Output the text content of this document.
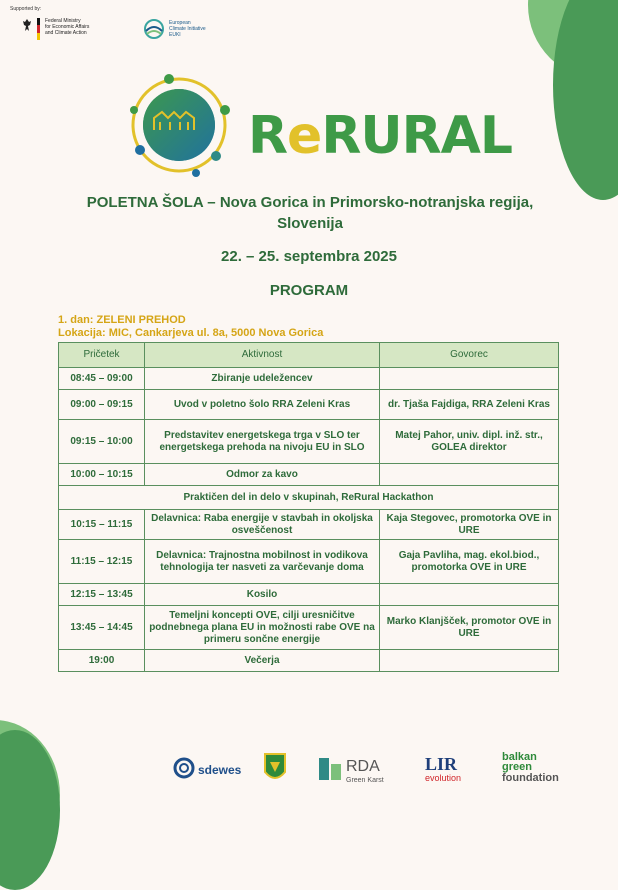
Supported by:
Federal Ministry
for Economic Affairs
and Climate Action
European
Climate Initiative
EUKI
ReRURAL
POLETNA ŠOLA – Nova Gorica in Primorsko-notranjska regija, Slovenija
22. – 25. septembra 2025
PROGRAM
1. dan: ZELENI PREHOD
Lokacija: MIC, Cankarjeva ul. 8a, 5000 Nova Gorica
Pričetek	Aktivnost	Govorec
08:45 – 09:00	Zbiranje udeležencev	
09:00 – 09:15	Uvod v poletno šolo RRA Zeleni Kras	dr. Tjaša Fajdiga, RRA Zeleni Kras
09:15 – 10:00	Predstavitev energetskega trga v SLO ter energetskega prehoda na nivoju EU in SLO	Matej Pahor, univ. dipl. inž. str., GOLEA direktor
10:00 – 10:15	Odmor za kavo	
Praktičen del in delo v skupinah, ReRural Hackathon		
10:15 – 11:15	Delavnica: Raba energije v stavbah in okoljska osveščenost	Kaja Stegovec, promotorka OVE in URE
11:15 – 12:15	Delavnica: Trajnostna mobilnost in vodikova tehnologija ter nasveti za varčevanje doma	Gaja Pavliha, mag. ekol.biod., promotorka OVE in URE
12:15 – 13:45	Kosilo	
13:45 – 14:45	Temeljni koncepti OVE, cilji uresničitve podnebnega plana EU in možnosti rabe OVE na primeru sončne energije	Marko Klanjšček, promotor OVE in URE
19:00	Večerja	
sdewes	RDA
Green Karst
LIR
evolution
balkan
green
foundation
